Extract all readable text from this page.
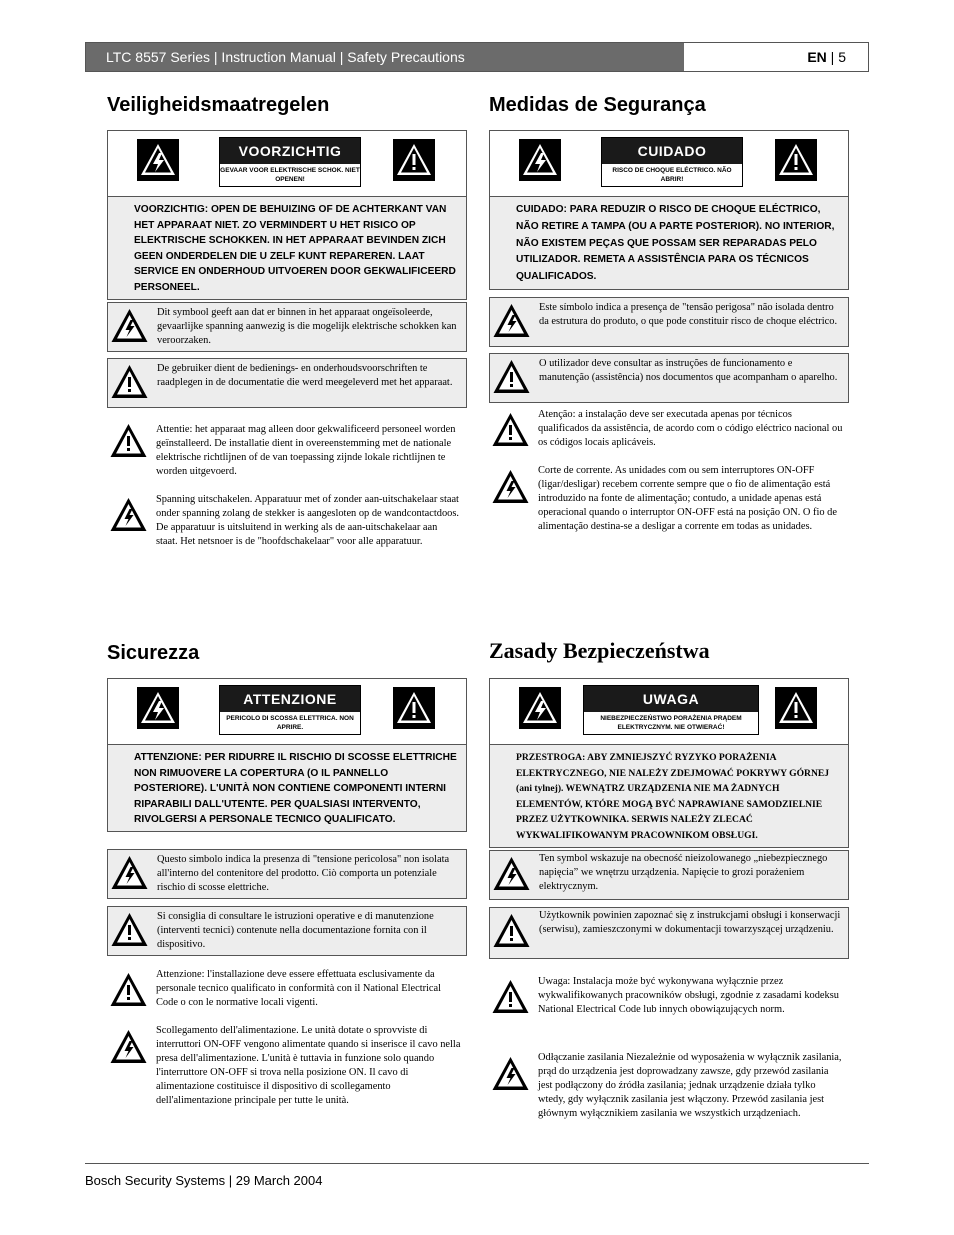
LTC 8557 Series | Instruction Manual | Safety Precautions	EN | 5
Veiligheidsmaatregelen
VOORZICHTIG
GEVAAR VOOR ELEKTRISCHE SCHOK. NIET OPENEN!
VOORZICHTIG: OPEN DE BEHUIZING OF DE ACHTERKANT VAN HET APPARAAT NIET. ZO VERMINDERT U HET RISICO OP ELEKTRISCHE SCHOKKEN. IN HET APPARAAT BEVINDEN ZICH GEEN ONDERDELEN DIE U ZELF KUNT REPAREREN. LAAT SERVICE EN ONDERHOUD UITVOEREN DOOR GEKWALIFICEERD PERSONEEL.
Dit symbool geeft aan dat er binnen in het apparaat ongeïsoleerde, gevaarlijke spanning aanwezig is die mogelijk elektrische schokken kan veroorzaken.
De gebruiker dient de bedienings- en onderhoudsvoorschriften te raadplegen in de documentatie die werd meegeleverd met het apparaat.
Attentie: het apparaat mag alleen door gekwalificeerd personeel worden geïnstalleerd. De installatie dient in overeenstemming met de nationale elektrische richtlijnen of de van toepassing zijnde lokale richtlijnen te worden uitgevoerd.
Spanning uitschakelen. Apparatuur met of zonder aan-uitschakelaar staat onder spanning zolang de stekker is aangesloten op de wandcontactdoos. De apparatuur is uitsluitend in werking als de aan-uitschakelaar aan staat. Het netsnoer is de "hoofdschakelaar" voor alle apparatuur.
Medidas de Segurança
CUIDADO
RISCO DE CHOQUE ELÉCTRICO. NÃO ABRIR!
CUIDADO: PARA REDUZIR O RISCO DE CHOQUE ELÉCTRICO, NÃO RETIRE A TAMPA (OU A PARTE POSTERIOR). NO INTERIOR, NÃO EXISTEM PEÇAS QUE POSSAM SER REPARADAS PELO UTILIZADOR. REMETA A ASSISTÊNCIA PARA OS TÉCNICOS QUALIFICADOS.
Este símbolo indica a presença de "tensão perigosa" não isolada dentro da estrutura do produto, o que pode constituir risco de choque eléctrico.
O utilizador deve consultar as instruções de funcionamento e manutenção (assistência) nos documentos que acompanham o aparelho.
Atenção: a instalação deve ser executada apenas por técnicos qualificados da assistência, de acordo com o código eléctrico nacional ou os códigos locais aplicáveis.
Corte de corrente. As unidades com ou sem interruptores ON-OFF (ligar/desligar) recebem corrente sempre que o fio de alimentação está introduzido na fonte de alimentação; contudo, a unidade apenas está operacional quando o interruptor ON-OFF está na posição ON. O fio de alimentação destina-se a desligar a corrente em todas as unidades.
Sicurezza
ATTENZIONE
PERICOLO DI SCOSSA ELETTRICA. NON APRIRE.
ATTENZIONE: PER RIDURRE IL RISCHIO DI SCOSSE ELETTRICHE NON RIMUOVERE LA COPERTURA (O IL PANNELLO POSTERIORE). L'UNITÀ NON CONTIENE COMPONENTI INTERNI RIPARABILI DALL'UTENTE. PER QUALSIASI INTERVENTO, RIVOLGERSI A PERSONALE TECNICO QUALIFICATO.
Questo simbolo indica la presenza di "tensione pericolosa" non isolata all'interno del contenitore del prodotto. Ciò comporta un potenziale rischio di scosse elettriche.
Si consiglia di consultare le istruzioni operative e di manutenzione (interventi tecnici) contenute nella documentazione fornita con il dispositivo.
Attenzione: l'installazione deve essere effettuata esclusivamente da personale tecnico qualificato in conformità con il National Electrical Code o con le normative locali vigenti.
Scollegamento dell'alimentazione. Le unità dotate o sprovviste di interruttori ON-OFF vengono alimentate quando si inserisce il cavo nella presa dell'alimentazione. L'unità è tuttavia in funzione solo quando l'interruttore ON-OFF si trova nella posizione ON. Il cavo di alimentazione costituisce il dispositivo di scollegamento dell'alimentazione principale per tutte le unità.
Zasady Bezpieczeństwa
UWAGA
NIEBEZPIECZEŃSTWO PORAŻENIA PRĄDEM ELEKTRYCZNYM. NIE OTWIERAĆ!
PRZESTROGA: ABY ZMNIEJSZYĆ RYZYKO PORAŻENIA ELEKTRYCZNEGO, NIE NALEŻY ZDEJMOWAĆ POKRYWY GÓRNEJ (ani tylnej). WEWNĄTRZ URZĄDZENIA NIE MA ŻADNYCH ELEMENTÓW, KTÓRE MOGĄ BYĆ NAPRAWIANE SAMODZIELNIE PRZEZ UŻYTKOWNIKA. SERWIS NALEŻY ZLECAĆ WYKWALIFIKOWANYM PRACOWNIKOM OBSŁUGI.
Ten symbol wskazuje na obecność nieizolowanego „niebezpiecznego napięcia” we wnętrzu urządzenia. Napięcie to grozi porażeniem elektrycznym.
Użytkownik powinien zapoznać się z instrukcjami obsługi i konserwacji (serwisu), zamieszczonymi w dokumentacji towarzyszącej urządzeniu.
Uwaga: Instalacja może być wykonywana wyłącznie przez wykwalifikowanych pracowników obsługi, zgodnie z zasadami kodeksu National Electrical Code lub innych obowiązujących norm.
Odłączanie zasilania Niezależnie od wyposażenia w wyłącznik zasilania, prąd do urządzenia jest doprowadzany zawsze, gdy przewód zasilania jest podłączony do źródła zasilania; jednak urządzenie działa tylko wtedy, gdy wyłącznik zasilania jest włączony. Przewód zasilania jest głównym wyłącznikiem zasilania we wszystkich urządzeniach.
Bosch Security Systems | 29 March 2004
